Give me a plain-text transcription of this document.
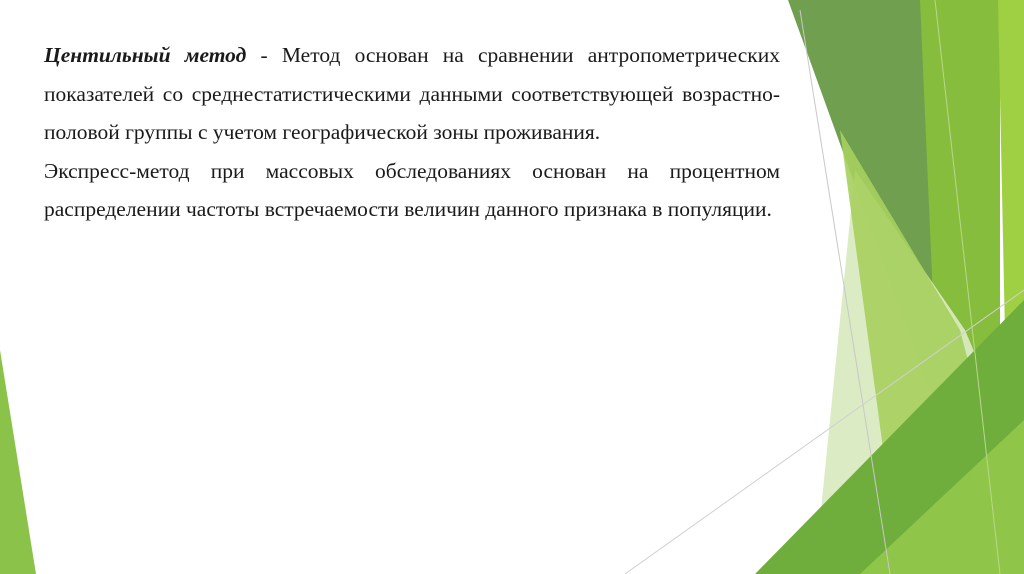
Центильный метод - Метод основан на сравнении антропометрических показателей со среднестатистическими данными соответствующей возрастно-половой группы с учетом географической зоны проживания.

Экспресс-метод при массовых обследованиях основан на процентном распределении частоты встречаемости величин данного признака в популяции.
